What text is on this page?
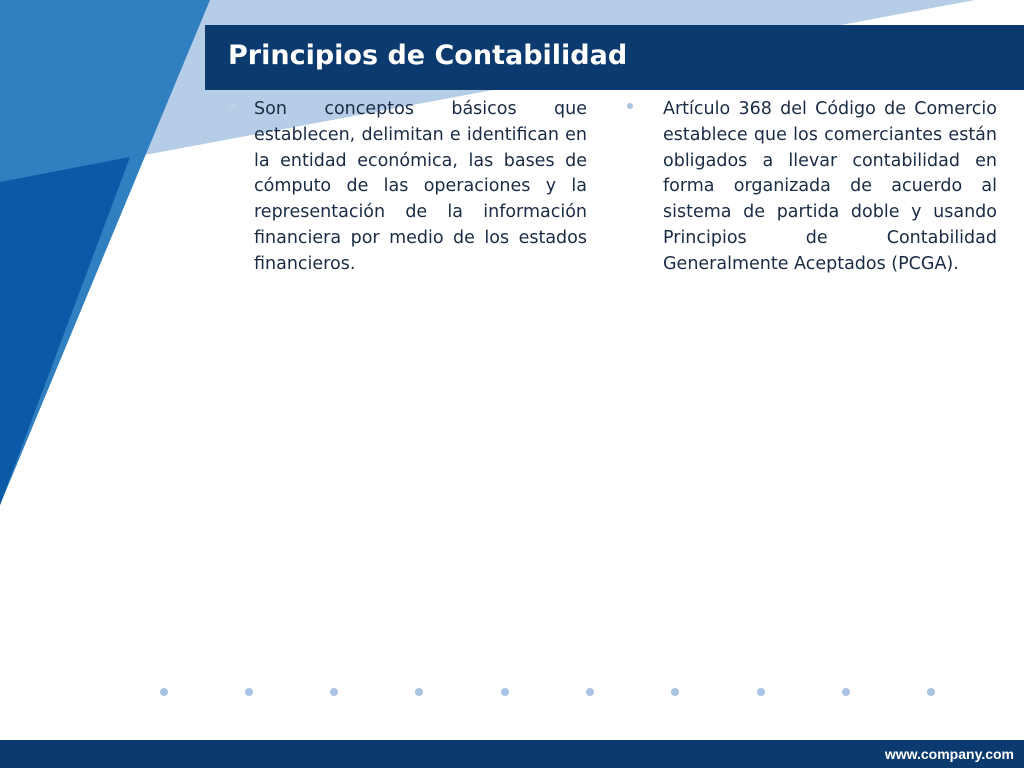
Principios de Contabilidad

Son conceptos básicos que establecen, delimitan e identifican en la entidad económica, las bases de cómputo de las operaciones y la representación de la información financiera por medio de los estados financieros.

Artículo 368 del Código de Comercio establece que los comerciantes están obligados a llevar contabilidad en forma organizada de acuerdo al sistema de partida doble y usando Principios de Contabilidad Generalmente Aceptados (PCGA).

www.company.com
